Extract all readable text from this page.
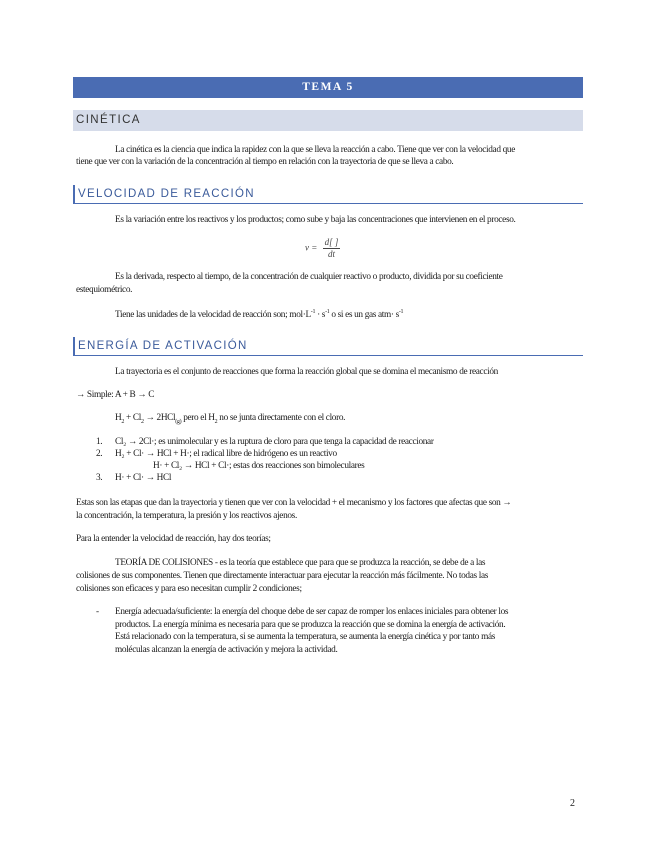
TEMA 5
CINÉTICA
La cinética es la ciencia que indica la rapidez con la que se lleva la reacción a cabo. Tiene que ver con la velocidad que
tiene que ver con la variación de la concentración al tiempo en relación con la trayectoria de que se lleva a cabo.
VELOCIDAD DE REACCIÓN
Es la variación entre los reactivos y los productos; como sube y baja las concentraciones que intervienen en el proceso.
$v = \frac{d[ ]}{dt}$
Es la derivada, respecto al tiempo, de la concentración de cualquier reactivo o producto, dividida por su coeficiente
estequiométrico.
Tiene las unidades de la velocidad de reacción son; $mol\cdot L^{-1} \cdot s^{-1}$ o si es un gas $atm\cdot s^{-1}$
ENERGÍA DE ACTIVACIÓN
La trayectoria es el conjunto de reacciones que forma la reacción global que se domina el mecanismo de reacción
→ Simple: A + B → C
$H_2 + Cl_2 \to 2HCl_{(g)}$ pero el $H_2$ no se junta directamente con el cloro.
1. Cl₂ → 2Cl·; es unimolecular y es la ruptura de cloro para que tenga la capacidad de reaccionar
2. H₂ + Cl· → HCl + H·; el radical libre de hidrógeno es un reactivo
H· + Cl₂ → HCl + Cl·; estas dos reacciones son bimoleculares
3. H· + Cl· → HCl
Estas son las etapas que dan la trayectoria y tienen que ver con la velocidad + el mecanismo y los factores que afectas que son →
la concentración, la temperatura, la presión y los reactivos ajenos.
Para la entender la velocidad de reacción, hay dos teorías;
TEORÍA DE COLISIONES - es la teoría que establece que para que se produzca la reacción, se debe de a las
colisiones de sus componentes. Tienen que directamente interactuar para ejecutar la reacción más fácilmente. No todas las
colisiones son eficaces y para eso necesitan cumplir 2 condiciones;
- Energía adecuada/suficiente: la energía del choque debe de ser capaz de romper los enlaces iniciales para obtener los
productos. La energía mínima es necesaria para que se produzca la reacción que se domina la energía de activación.
Está relacionado con la temperatura, si se aumenta la temperatura, se aumenta la energía cinética y por tanto más
moléculas alcanzan la energía de activación y mejora la actividad.
2
